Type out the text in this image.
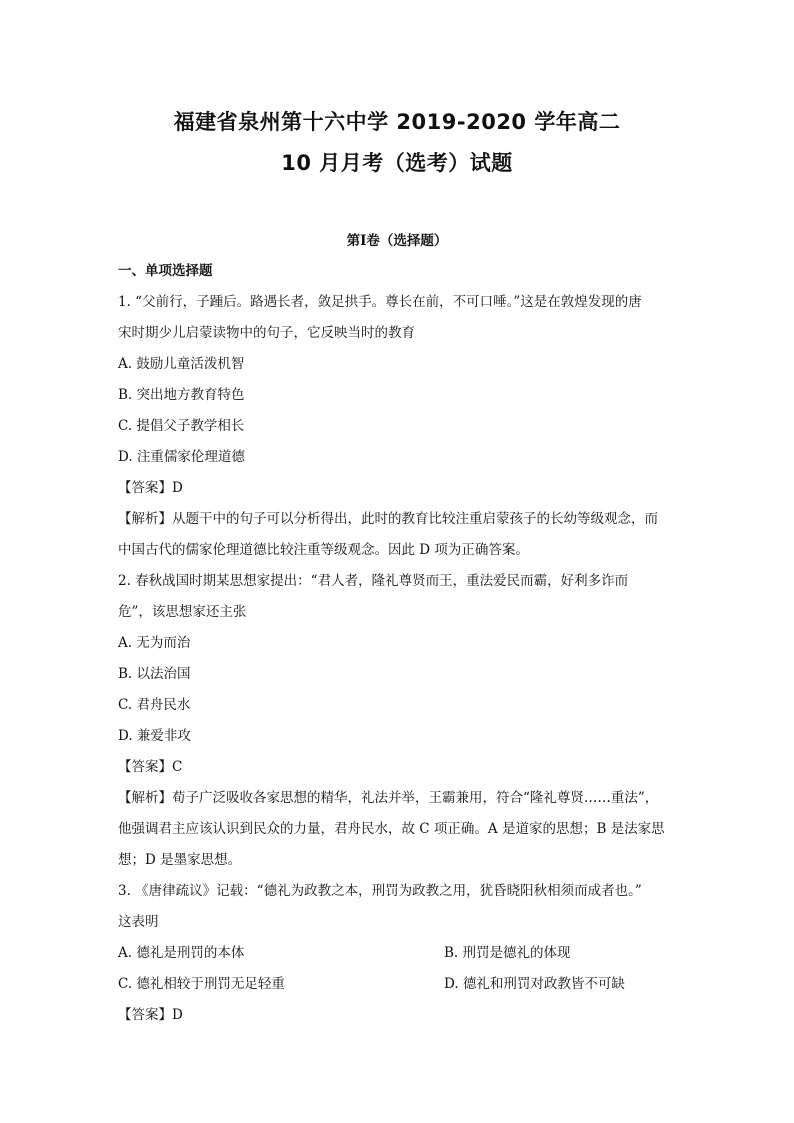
福建省泉州第十六中学 2019-2020 学年高二
10 月月考（选考）试题
第Ⅰ卷（选择题）
一、单项选择题
1. “父前行，子踵后。路遇长者，敛足拱手。尊长在前，不可口唾。”这是在敦煌发现的唐
宋时期少儿启蒙读物中的句子，它反映当时的教育
A. 鼓励儿童活泼机智
B. 突出地方教育特色
C. 提倡父子教学相长
D. 注重儒家伦理道德
【答案】D
【解析】从题干中的句子可以分析得出，此时的教育比较注重启蒙孩子的长幼等级观念，而
中国古代的儒家伦理道德比较注重等级观念。因此 D 项为正确答案。
2. 春秋战国时期某思想家提出：“君人者，隆礼尊贤而王，重法爱民而霸，好利多诈而
危”，该思想家还主张
A. 无为而治
B. 以法治国
C. 君舟民水
D. 兼爱非攻
【答案】C
【解析】荀子广泛吸收各家思想的精华，礼法并举，王霸兼用，符合“隆礼尊贤……重法”，
他强调君主应该认识到民众的力量，君舟民水，故 C 项正确。A 是道家的思想；B 是法家思
想；D 是墨家思想。
3. 《唐律疏议》记载：“德礼为政教之本，刑罚为政教之用，犹昏晓阳秋相须而成者也。”
这表明
A. 德礼是刑罚的本体	B. 刑罚是德礼的体现
C. 德礼相较于刑罚无足轻重	D. 德礼和刑罚对政教皆不可缺
【答案】D
